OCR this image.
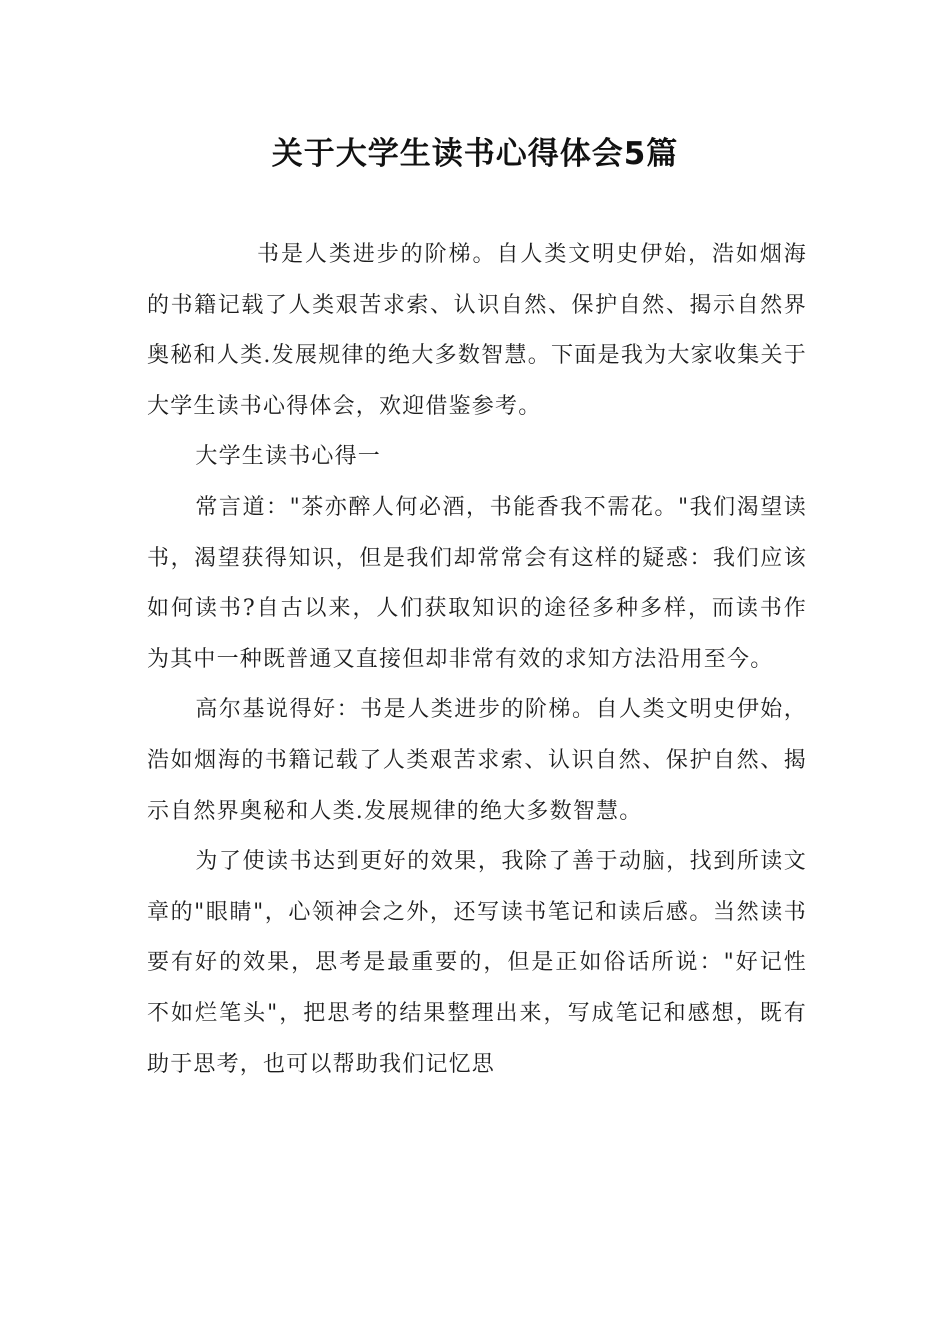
关于大学生读书心得体会5篇

书是人类进步的阶梯。自人类文明史伊始，浩如烟海的书籍记载了人类艰苦求索、认识自然、保护自然、揭示自然界奥秘和人类.发展规律的绝大多数智慧。下面是我为大家收集关于大学生读书心得体会，欢迎借鉴参考。

大学生读书心得一

常言道："茶亦醉人何必酒，书能香我不需花。"我们渴望读书，渴望获得知识，但是我们却常常会有这样的疑惑：我们应该如何读书?自古以来，人们获取知识的途径多种多样，而读书作为其中一种既普通又直接但却非常有效的求知方法沿用至今。

高尔基说得好：书是人类进步的阶梯。自人类文明史伊始，浩如烟海的书籍记载了人类艰苦求索、认识自然、保护自然、揭示自然界奥秘和人类.发展规律的绝大多数智慧。

为了使读书达到更好的效果，我除了善于动脑，找到所读文章的"眼睛"，心领神会之外，还写读书笔记和读后感。当然读书要有好的效果，思考是最重要的，但是正如俗话所说："好记性不如烂笔头"，把思考的结果整理出来，写成笔记和感想，既有助于思考，也可以帮助我们记忆思
